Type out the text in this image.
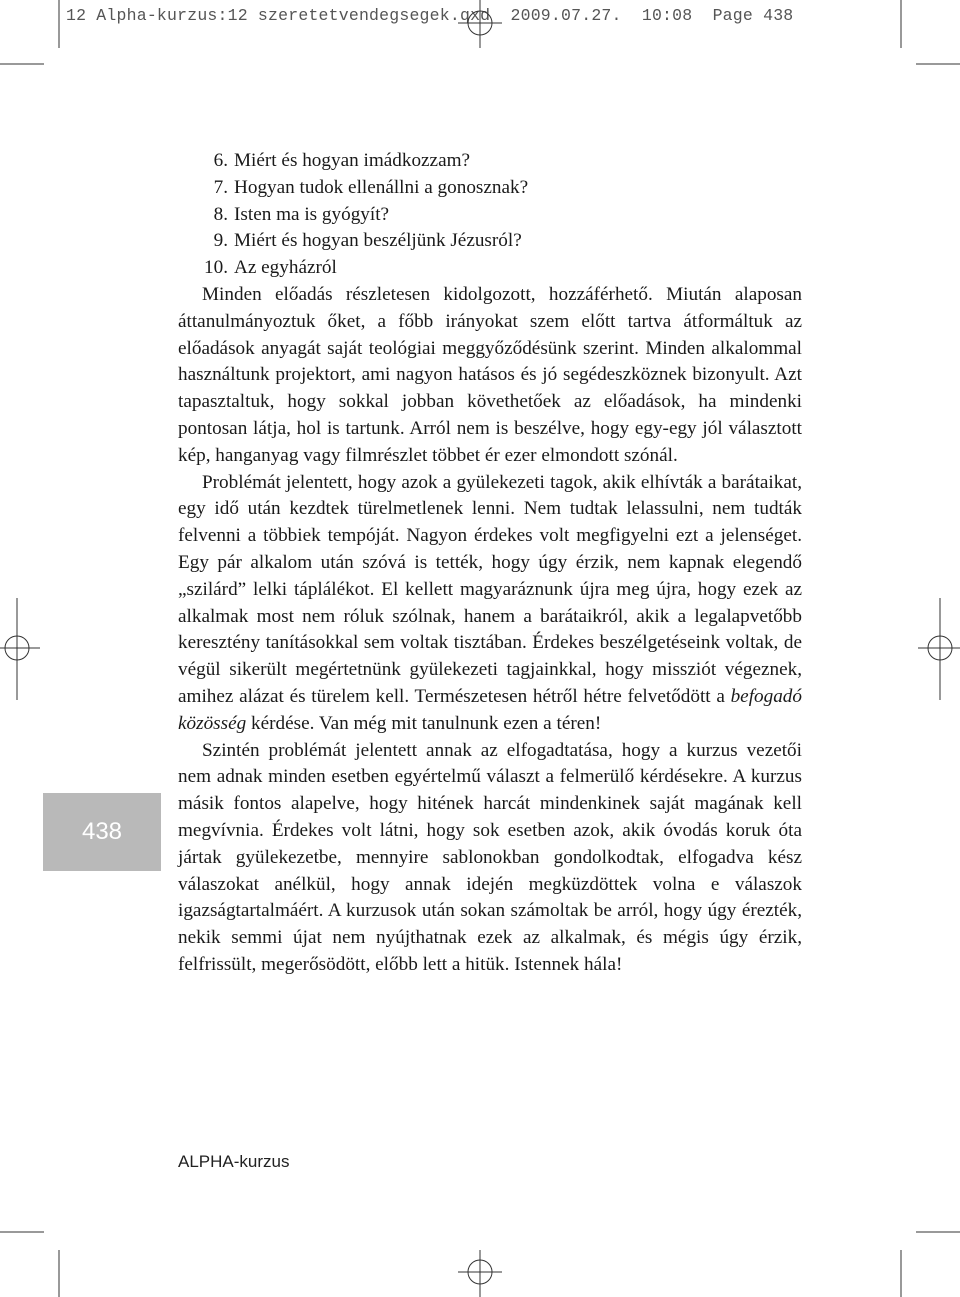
12 Alpha-kurzus:12 szeretetvendegsegek.qxd 2009.07.27. 10:08 Page 438
6. Miért és hogyan imádkozzam?
7. Hogyan tudok ellenállni a gonosznak?
8. Isten ma is gyógyít?
9. Miért és hogyan beszéljünk Jézusról?
10. Az egyházról

Minden előadás részletesen kidolgozott, hozzáférhető. Miután alaposan áttanulmányoztuk őket, a főbb irányokat szem előtt tartva átformáltuk az előadások anyagát saját teológiai meggyőződésünk szerint. Minden alkalommal használtunk projektort, ami nagyon hatásos és jó segédeszköznek bizonyult. Azt tapasztaltuk, hogy sokkal jobban követhetőek az előadások, ha mindenki pontosan látja, hol is tartunk. Arról nem is beszélve, hogy egy-egy jól választott kép, hanganyag vagy filmrészlet többet ér ezer elmondott szónál.

Problémát jelentett, hogy azok a gyülekezeti tagok, akik elhívták a barátaikat, egy idő után kezdtek türelmetlenek lenni. Nem tudtak lelassulni, nem tudták felvenni a többiek tempóját. Nagyon érdekes volt megfigyelni ezt a jelenséget. Egy pár alkalom után szóvá is tették, hogy úgy érzik, nem kapnak elegendő „szilárd” lelki táplálékot. El kellett magyaráznunk újra meg újra, hogy ezek az alkalmak most nem róluk szólnak, hanem a barátaikról, akik a legalapvetőbb keresztény tanításokkal sem voltak tisztában. Érdekes beszélgetéseink voltak, de végül sikerült megértetnünk gyülekezeti tagjainkkal, hogy missziót végeznek, amihez alázat és türelem kell. Természetesen hétről hétre felvetődött a befogadó közösség kérdése. Van még mit tanulnunk ezen a téren!

Szintén problémát jelentett annak az elfogadtatása, hogy a kurzus vezetői nem adnak minden esetben egyértelmű választ a felmerülő kérdésekre. A kurzus másik fontos alapelve, hogy hitének harcát mindenkinek saját magának kell megvívnia. Érdekes volt látni, hogy sok esetben azok, akik óvodás koruk óta jártak gyülekezetbe, mennyire sablonokban gondolkodtak, elfogadva kész válaszokat anélkül, hogy annak idején megküzdöttek volna e válaszok igazságtartalmáért. A kurzusok után sokan számoltak be arról, hogy úgy érezték, nekik semmi újat nem nyújthatnak ezek az alkalmak, és mégis úgy érzik, felfrissült, megerősödött, előbb lett a hitük. Istennek hála!

438
ALPHA-kurzus
